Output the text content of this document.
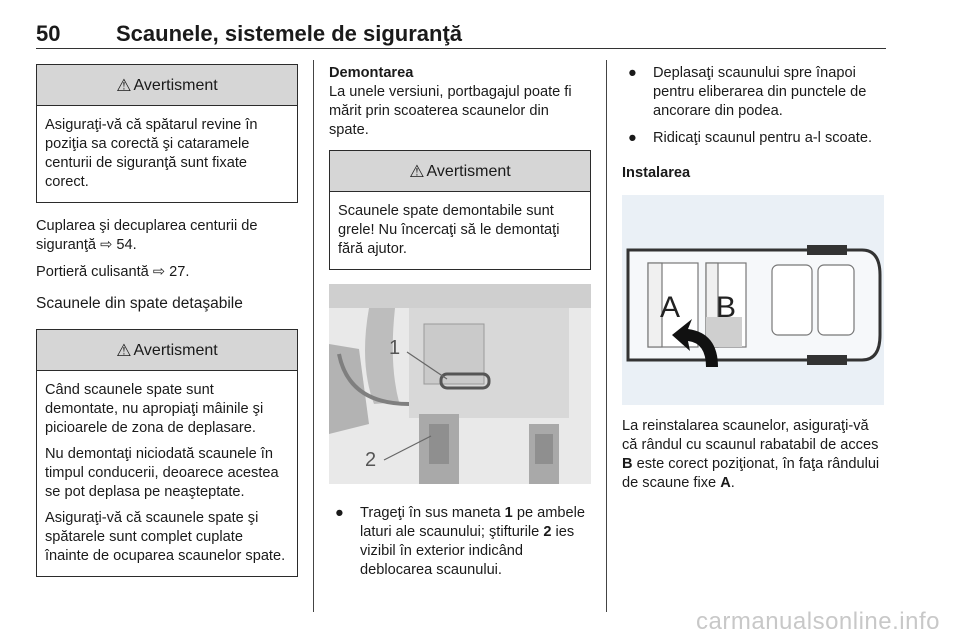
50	Scaunele, sistemele de siguranţă
⚠ Avertisment

Asiguraţi-vă că spătarul revine în poziţia sa corectă şi cataramele centurii de siguranţă sunt fixate corect.

Cuplarea şi decuplarea centurii de siguranţă ⇨ 54.

Portieră culisantă ⇨ 27.

Scaunele din spate detaşabile
⚠ Avertisment

Când scaunele spate sunt demontate, nu apropiaţi mâinile şi picioarele de zona de deplasare.

Nu demontaţi niciodată scaunele în timpul conducerii, deoarece acestea se pot deplasa pe neaşteptate.

Asiguraţi-vă că scaunele spate şi spătarele sunt complet cuplate înainte de ocuparea scaunelor spate.

Demontarea

La unele versiuni, portbagajul poate fi mărit prin scoaterea scaunelor din spate.

⚠ Avertisment

Scaunele spate demontabile sunt grele! Nu încercaţi să le demontaţi fără ajutor.

1
2
● Trageţi în sus maneta 1 pe ambele laturi ale scaunului; ştifturile 2 ies vizibil în exterior indicând deblocarea scaunului.
● Deplasaţi scaunului spre înapoi pentru eliberarea din punctele de ancorare din podea.
● Ridicaţi scaunul pentru a-l scoate.
Instalarea
A B

La reinstalarea scaunelor, asiguraţi-vă că rândul cu scaunul rabatabil de acces B este corect poziţionat, în faţa rândului de scaune fixe A.

carmanualsonline.info
